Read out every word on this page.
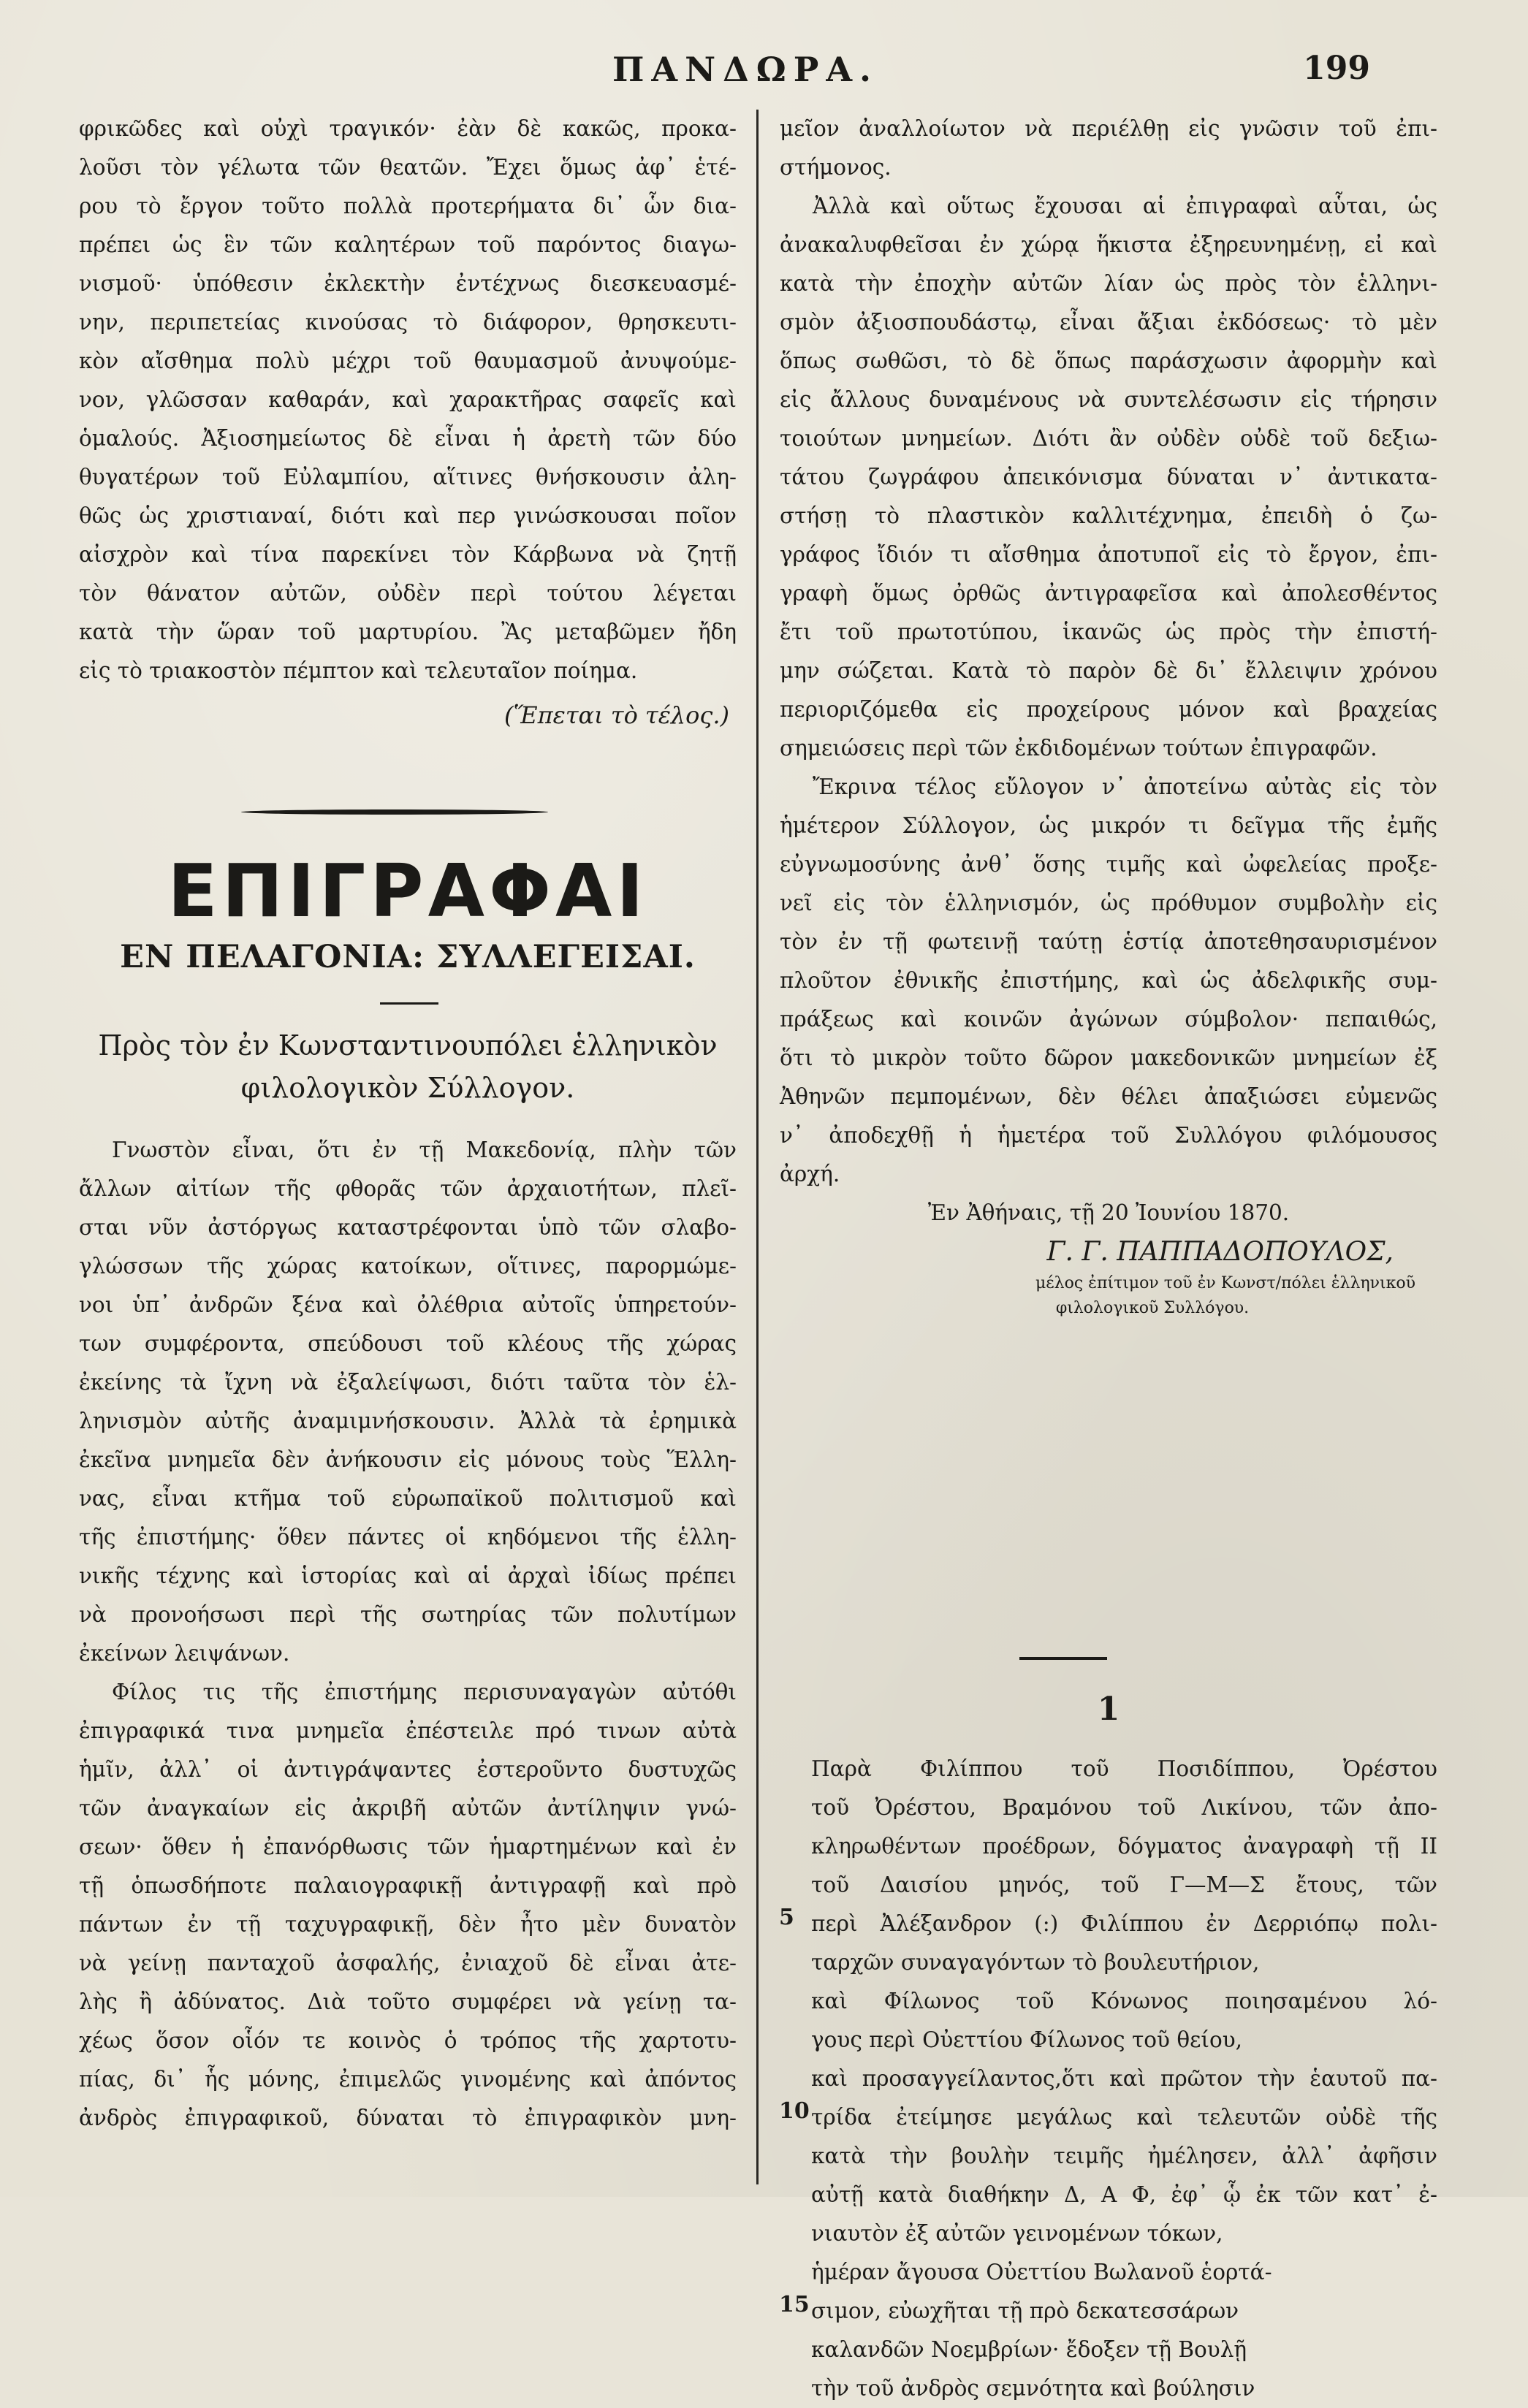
ΠΑΝΔΩΡΑ.	199

φρικῶδες καὶ οὐχὶ τραγικόν· ἐὰν δὲ κακῶς, προκα-

λοῦσι τὸν γέλωτα τῶν θεατῶν. Ἔχει ὅμως ἀφ᾽ ἑτέ-

ρου τὸ ἔργον τοῦτο πολλὰ προτερήματα δι᾽ ὧν δια-

πρέπει ὡς ἓν τῶν καλητέρων τοῦ παρόντος διαγω-

νισμοῦ· ὑπόθεσιν ἐκλεκτὴν ἐντέχνως διεσκευασμέ-

νην, περιπετείας κινούσας τὸ διάφορον, θρησκευτι-

κὸν αἴσθημα πολὺ μέχρι τοῦ θαυμασμοῦ ἀνυψούμε-

νον, γλῶσσαν καθαράν, καὶ χαρακτῆρας σαφεῖς καὶ

ὁμαλούς. Ἀξιοσημείωτος δὲ εἶναι ἡ ἀρετὴ τῶν δύο

θυγατέρων τοῦ Εὐλαμπίου, αἵτινες θνήσκουσιν ἀλη-

θῶς ὡς χριστιαναί, διότι καὶ περ γινώσκουσαι ποῖον

αἰσχρὸν καὶ τίνα παρεκίνει τὸν Κάρβωνα νὰ ζητῇ

τὸν θάνατον αὐτῶν, οὐδὲν περὶ τούτου λέγεται

κατὰ τὴν ὥραν τοῦ μαρτυρίου. Ἂς μεταβῶμεν ἤδη

εἰς τὸ τριακοστὸν πέμπτον καὶ τελευταῖον ποίημα.

(Ἕπεται τὸ τέλος.)

ΕΠΙΓΡΑΦΑΙ
ΕΝ ΠΕΛΑΓΟΝΙΑ: ΣΥΛΛΕΓΕΙΣΑΙ.

Πρὸς τὸν ἐν Κωνσταντινουπόλει ἑλληνικὸν

φιλολογικὸν Σύλλογον.

Γνωστὸν εἶναι, ὅτι ἐν τῇ Μακεδονίᾳ, πλὴν τῶν

ἄλλων αἰτίων τῆς φθορᾶς τῶν ἀρχαιοτήτων, πλεῖ-

σται νῦν ἀστόργως καταστρέφονται ὑπὸ τῶν σλαβο-

γλώσσων τῆς χώρας κατοίκων, οἵτινες, παρορμώμε-

νοι ὑπ᾽ ἀνδρῶν ξένα καὶ ὀλέθρια αὐτοῖς ὑπηρετούν-

των συμφέροντα, σπεύδουσι τοῦ κλέους τῆς χώρας

ἐκείνης τὰ ἴχνη νὰ ἐξαλείψωσι, διότι ταῦτα τὸν ἑλ-

ληνισμὸν αὐτῆς ἀναμιμνήσκουσιν. Ἀλλὰ τὰ ἐρημικὰ

ἐκεῖνα μνημεῖα δὲν ἀνήκουσιν εἰς μόνους τοὺς Ἕλλη-

νας, εἶναι κτῆμα τοῦ εὐρωπαϊκοῦ πολιτισμοῦ καὶ

τῆς ἐπιστήμης· ὅθεν πάντες οἱ κηδόμενοι τῆς ἑλλη-

νικῆς τέχνης καὶ ἱστορίας καὶ αἱ ἀρχαὶ ἰδίως πρέπει

νὰ προνοήσωσι περὶ τῆς σωτηρίας τῶν πολυτίμων

ἐκείνων λειψάνων.

Φίλος τις τῆς ἐπιστήμης περισυναγαγὼν αὐτόθι

ἐπιγραφικά τινα μνημεῖα ἐπέστειλε πρό τινων αὐτὰ

ἡμῖν, ἀλλ᾽ οἱ ἀντιγράψαντες ἐστεροῦντο δυστυχῶς

τῶν ἀναγκαίων εἰς ἀκριβῆ αὐτῶν ἀντίληψιν γνώ-

σεων· ὅθεν ἡ ἐπανόρθωσις τῶν ἡμαρτημένων καὶ ἐν

τῇ ὁπωσδήποτε παλαιογραφικῇ ἀντιγραφῇ καὶ πρὸ

πάντων ἐν τῇ ταχυγραφικῇ, δὲν ἦτο μὲν δυνατὸν

νὰ γείνῃ πανταχοῦ ἀσφαλής, ἐνιαχοῦ δὲ εἶναι ἀτε-

λὴς ἢ ἀδύνατος. Διὰ τοῦτο συμφέρει νὰ γείνῃ τα-

χέως ὅσον οἷόν τε κοινὸς ὁ τρόπος τῆς χαρτοτυ-

πίας, δι᾽ ἧς μόνης, ἐπιμελῶς γινομένης καὶ ἀπόντος

ἀνδρὸς ἐπιγραφικοῦ, δύναται τὸ ἐπιγραφικὸν μνη-

μεῖον ἀναλλοίωτον νὰ περιέλθῃ εἰς γνῶσιν τοῦ ἐπι-

στήμονος.

Ἀλλὰ καὶ οὕτως ἔχουσαι αἱ ἐπιγραφαὶ αὗται, ὡς

ἀνακαλυφθεῖσαι ἐν χώρᾳ ἥκιστα ἐξηρευνημένῃ, εἰ καὶ

κατὰ τὴν ἐποχὴν αὐτῶν λίαν ὡς πρὸς τὸν ἑλληνι-

σμὸν ἀξιοσπουδάστῳ, εἶναι ἄξιαι ἐκδόσεως· τὸ μὲν

ὅπως σωθῶσι, τὸ δὲ ὅπως παράσχωσιν ἀφορμὴν καὶ

εἰς ἄλλους δυναμένους νὰ συντελέσωσιν εἰς τήρησιν

τοιούτων μνημείων. Διότι ἂν οὐδὲν οὐδὲ τοῦ δεξιω-

τάτου ζωγράφου ἀπεικόνισμα δύναται ν᾽ ἀντικατα-

στήσῃ τὸ πλαστικὸν καλλιτέχνημα, ἐπειδὴ ὁ ζω-

γράφος ἴδιόν τι αἴσθημα ἀποτυποῖ εἰς τὸ ἔργον, ἐπι-

γραφὴ ὅμως ὀρθῶς ἀντιγραφεῖσα καὶ ἀπολεσθέντος

ἔτι τοῦ πρωτοτύπου, ἱκανῶς ὡς πρὸς τὴν ἐπιστή-

μην σώζεται. Κατὰ τὸ παρὸν δὲ δι᾽ ἔλλειψιν χρόνου

περιοριζόμεθα εἰς προχείρους μόνον καὶ βραχείας

σημειώσεις περὶ τῶν ἐκδιδομένων τούτων ἐπιγραφῶν.

Ἔκρινα τέλος εὔλογον ν᾽ ἀποτείνω αὐτὰς εἰς τὸν

ἡμέτερον Σύλλογον, ὡς μικρόν τι δεῖγμα τῆς ἐμῆς

εὐγνωμοσύνης ἀνθ᾽ ὅσης τιμῆς καὶ ὠφελείας προξε-

νεῖ εἰς τὸν ἑλληνισμόν, ὡς πρόθυμον συμβολὴν εἰς

τὸν ἐν τῇ φωτεινῇ ταύτῃ ἑστίᾳ ἀποτεθησαυρισμένον

πλοῦτον ἐθνικῆς ἐπιστήμης, καὶ ὡς ἀδελφικῆς συμ-

πράξεως καὶ κοινῶν ἀγώνων σύμβολον· πεπαιθώς,

ὅτι τὸ μικρὸν τοῦτο δῶρον μακεδονικῶν μνημείων ἐξ

Ἀθηνῶν πεμπομένων, δὲν θέλει ἀπαξιώσει εὐμενῶς

ν᾽ ἀποδεχθῇ ἡ ἡμετέρα τοῦ Συλλόγου φιλόμουσος

ἀρχή.

Ἐν Ἀθήναις, τῇ 20 Ἰουνίου 1870.

Γ. Γ. ΠΑΠΠΑΔΟΠΟΥΛΟΣ,

μέλος ἐπίτιμον τοῦ ἐν Κωνστ/πόλει ἑλληνικοῦ

φιλολογικοῦ Συλλόγου.

1

Παρὰ Φιλίππου τοῦ Ποσιδίππου, Ὀρέστου

τοῦ Ὀρέστου, Βραμόνου τοῦ Λικίνου, τῶν ἀπο-

κληρωθέντων προέδρων, δόγματος ἀναγραφὴ τῇ ΙΙ

τοῦ Δαισίου μηνός, τοῦ Γ—Μ—Σ ἔτους, τῶν

5 περὶ Ἀλέξανδρον (:) Φιλίππου ἐν Δερριόπῳ πολι-

ταρχῶν συναγαγόντων τὸ βουλευτήριον,

καὶ Φίλωνος τοῦ Κόνωνος ποιησαμένου λό-

γους περὶ Οὐεττίου Φίλωνος τοῦ θείου,

καὶ προσαγγείλαντος,ὅτι καὶ πρῶτον τὴν ἑαυτοῦ πα-

10 τρίδα ἐτείμησε μεγάλως καὶ τελευτῶν οὐδὲ τῆς

κατὰ τὴν βουλὴν τειμῆς ἠμέλησεν, ἀλλ᾽ ἀφῆσιν

αὐτῇ κατὰ διαθήκην Δ, Α Φ, ἐφ᾽ ᾧ ἐκ τῶν κατ᾽ ἐ-

νιαυτὸν ἐξ αὐτῶν γεινομένων τόκων,

ἡμέραν ἄγουσα Οὐεττίου Βωλανοῦ ἑορτά-

15 σιμον, εὐωχῆται τῇ πρὸ δεκατεσσάρων

καλανδῶν Νοεμβρίων· ἔδοξεν τῇ Βουλῇ

τὴν τοῦ ἀνδρὸς σεμνότητα καὶ βούλησιν
